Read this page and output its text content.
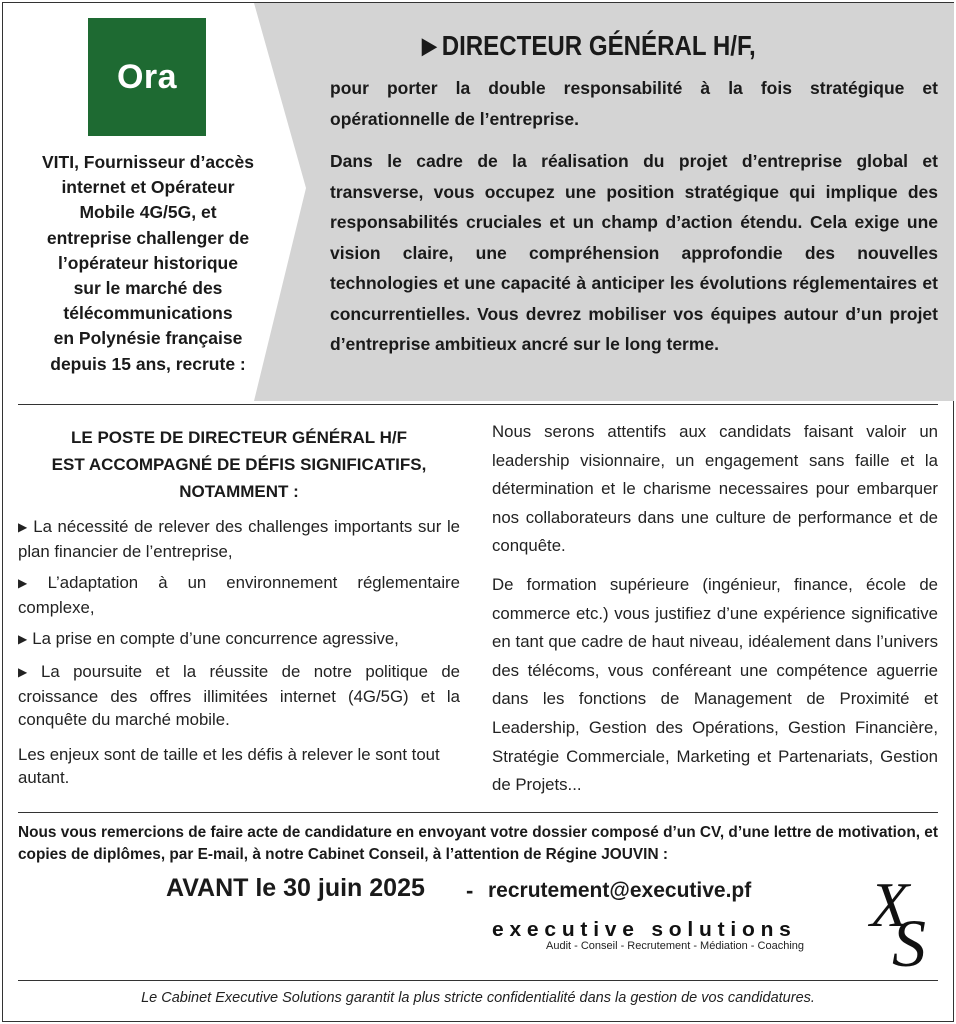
Ora
VITI, Fournisseur d’accès
internet et Opérateur
Mobile 4G/5G, et
entreprise challenger de
l’opérateur historique
sur le marché des
télécommunications
en Polynésie française
depuis 15 ans, recrute :
▶ DIRECTEUR GÉNÉRAL H/F,
pour porter la double responsabilité à la fois stratégique et opérationnelle de l’entreprise.
Dans le cadre de la réalisation du projet d’entreprise global et transverse, vous occupez une position stratégique qui implique des responsabilités cruciales et un champ d’action étendu. Cela exige une vision claire, une compréhension approfondie des nouvelles technologies et une capacité à anticiper les évolutions réglementaires et concurrentielles. Vous devrez mobiliser vos équipes autour d’un projet d’entreprise ambitieux ancré sur le long terme.
LE POSTE DE DIRECTEUR GÉNÉRAL H/F
EST ACCOMPAGNÉ DE DÉFIS SIGNIFICATIFS,
NOTAMMENT :
▶ La nécessité de relever des challenges importants sur le plan financier de l’entreprise,
▶ L’adaptation à un environnement réglementaire complexe,
▶ La prise en compte d’une concurrence agressive,
▶ La poursuite et la réussite de notre politique de croissance des offres illimitées internet (4G/5G) et la conquête du marché mobile.
Les enjeux sont de taille et les défis à relever le sont tout autant.

Nous serons attentifs aux candidats faisant valoir un leadership visionnaire, un engagement sans faille et la détermination et le charisme necessaires pour embarquer nos collaborateurs dans une culture de performance et de conquête.

De formation supérieure (ingénieur, finance, école de commerce etc.) vous justifiez d’une expérience significative en tant que cadre de haut niveau, idéalement dans l’univers des télécoms, vous conféreant une compétence aguerrie dans les fonctions de Management de Proximité et Leadership, Gestion des Opérations, Gestion Financière, Stratégie Commerciale, Marketing et Partenariats, Gestion de Projets...

Nous vous remercions de faire acte de candidature en envoyant votre dossier composé d’un CV, d’une lettre de motivation, et copies de diplômes, par E-mail, à notre Cabinet Conseil, à l’attention de Régine JOUVIN :
AVANT le 30 juin 2025 - recrutement@executive.pf
executive solutions
Audit - Conseil - Recrutement - Médiation - Coaching
X
S
Le Cabinet Executive Solutions garantit la plus stricte confidentialité dans la gestion de vos candidatures.
